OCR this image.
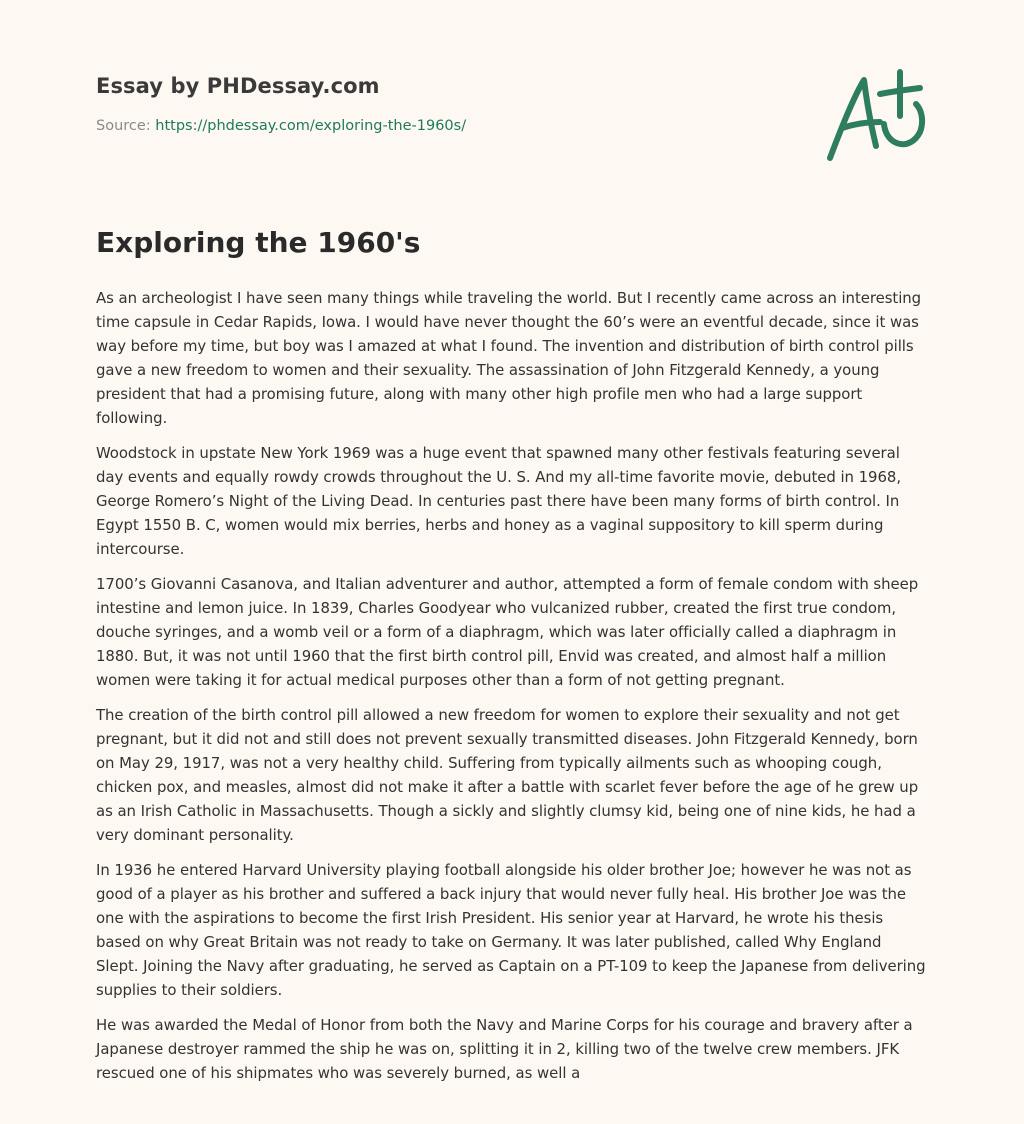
Essay by PHDessay.com
Source: https://phdessay.com/exploring-the-1960s/
Exploring the 1960's

As an archeologist I have seen many things while traveling the world. But I recently came across an interesting time capsule in Cedar Rapids, Iowa. I would have never thought the 60’s were an eventful decade, since it was way before my time, but boy was I amazed at what I found. The invention and distribution of birth control pills gave a new freedom to women and their sexuality. The assassination of John Fitzgerald Kennedy, a young president that had a promising future, along with many other high profile men who had a large support following.

Woodstock in upstate New York 1969 was a huge event that spawned many other festivals featuring several day events and equally rowdy crowds throughout the U. S. And my all-time favorite movie, debuted in 1968, George Romero’s Night of the Living Dead. In centuries past there have been many forms of birth control. In Egypt 1550 B. C, women would mix berries, herbs and honey as a vaginal suppository to kill sperm during intercourse.

1700’s Giovanni Casanova, and Italian adventurer and author, attempted a form of female condom with sheep intestine and lemon juice. In 1839, Charles Goodyear who vulcanized rubber, created the first true condom, douche syringes, and a womb veil or a form of a diaphragm, which was later officially called a diaphragm in 1880. But, it was not until 1960 that the first birth control pill, Envid was created, and almost half a million women were taking it for actual medical purposes other than a form of not getting pregnant.

The creation of the birth control pill allowed a new freedom for women to explore their sexuality and not get pregnant, but it did not and still does not prevent sexually transmitted diseases. John Fitzgerald Kennedy, born on May 29, 1917, was not a very healthy child. Suffering from typically ailments such as whooping cough, chicken pox, and measles, almost did not make it after a battle with scarlet fever before the age of he grew up as an Irish Catholic in Massachusetts. Though a sickly and slightly clumsy kid, being one of nine kids, he had a very dominant personality.

In 1936 he entered Harvard University playing football alongside his older brother Joe; however he was not as good of a player as his brother and suffered a back injury that would never fully heal. His brother Joe was the one with the aspirations to become the first Irish President. His senior year at Harvard, he wrote his thesis based on why Great Britain was not ready to take on Germany. It was later published, called Why England Slept. Joining the Navy after graduating, he served as Captain on a PT-109 to keep the Japanese from delivering supplies to their soldiers.

He was awarded the Medal of Honor from both the Navy and Marine Corps for his courage and bravery after a Japanese destroyer rammed the ship he was on, splitting it in 2, killing two of the twelve crew members. JFK rescued one of his shipmates who was severely burned, as well a
